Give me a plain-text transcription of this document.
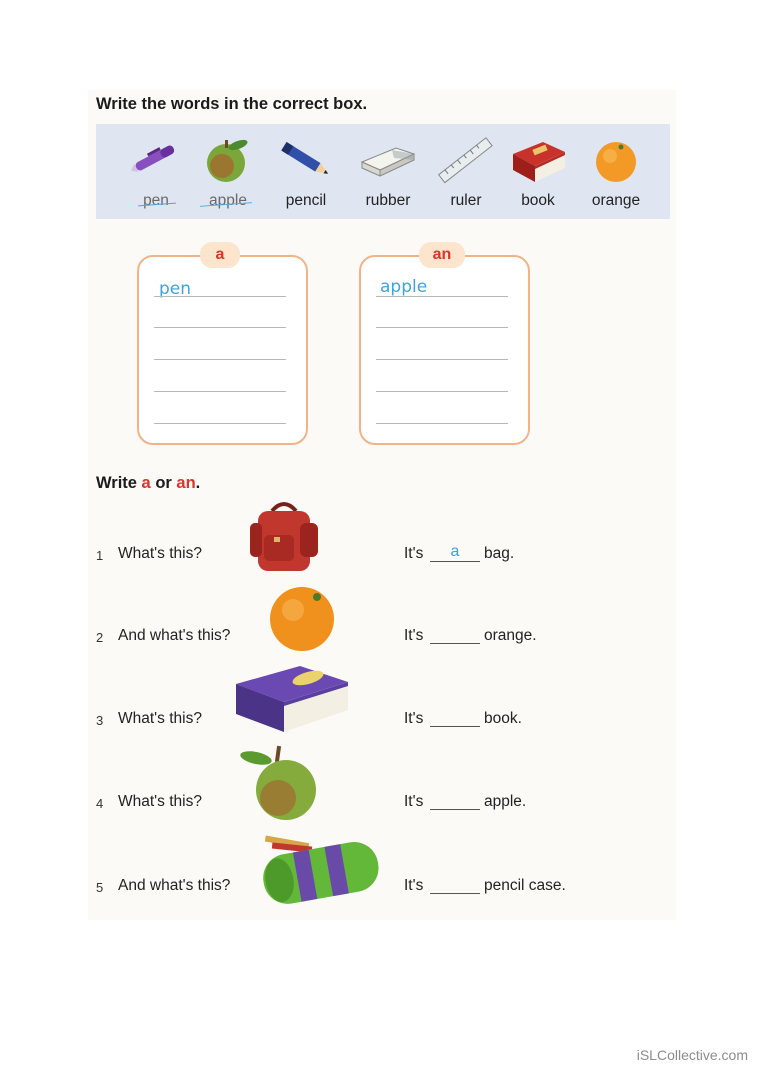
Write the words in the correct box.
pen	apple	pencil	rubber	ruler	book	orange
a
pen
an
apple
Write a or an.
1 What's this?	It's	a	bag.
2 And what's this?	It's	orange.
3 What's this?	It's	book.
4 What's this?	It's	apple.
5 And what's this?	It's	pencil case.
iSLCollective.com
